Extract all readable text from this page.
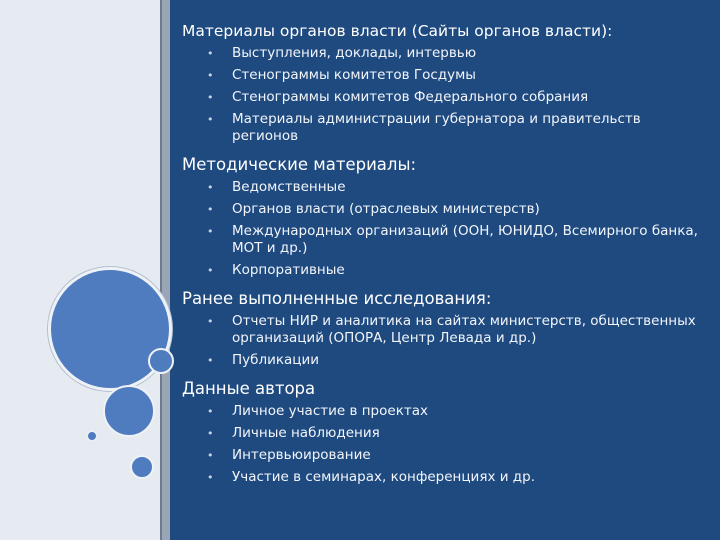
Материалы органов власти (Сайты органов власти):
• Выступления, доклады, интервью
• Стенограммы комитетов Госдумы
• Стенограммы комитетов Федерального собрания
• Материалы администрации губернатора и правительств регионов
Методические материалы:
• Ведомственные
• Органов власти (отраслевых министерств)
• Международных организаций (ООН, ЮНИДО, Всемирного банка, МОТ и др.)
• Корпоративные
Ранее выполненные исследования:
• Отчеты НИР и аналитика на сайтах министерств, общественных организаций (ОПОРА, Центр Левада и др.)
• Публикации
Данные автора
• Личное участие в проектах
• Личные наблюдения
• Интервьюирование
• Участие в семинарах, конференциях и др.
